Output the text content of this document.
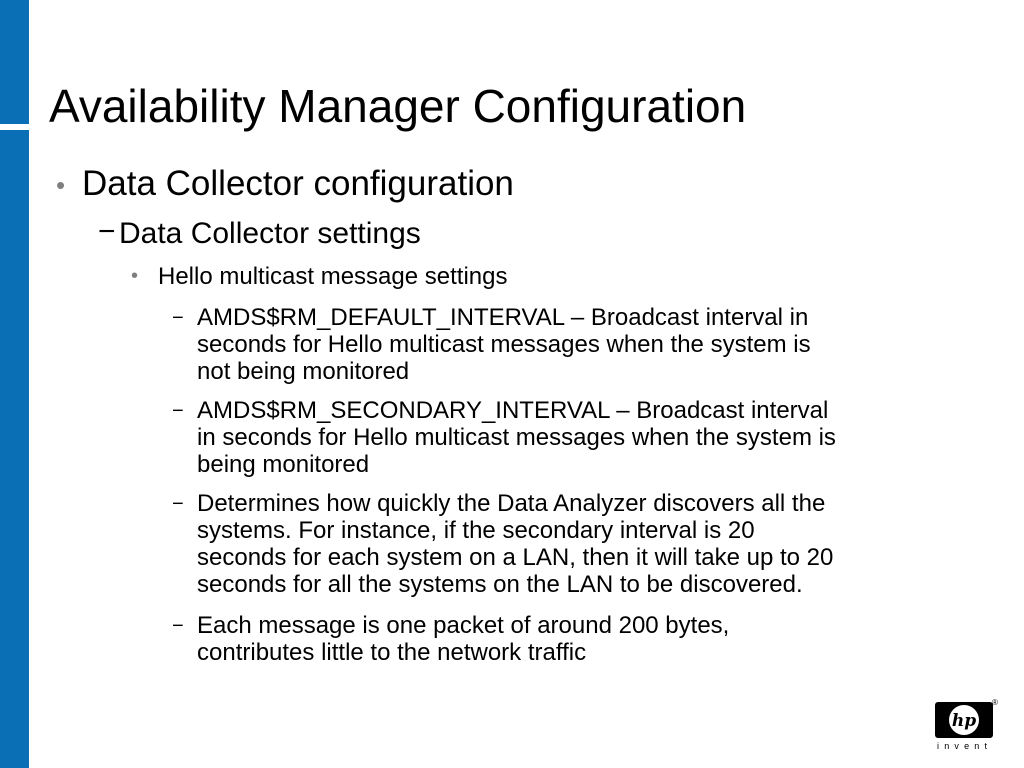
Availability Manager Configuration
• Data Collector configuration
− Data Collector settings
• Hello multicast message settings
− AMDS$RM_DEFAULT_INTERVAL – Broadcast interval in
seconds for Hello multicast messages when the system is
not being monitored
− AMDS$RM_SECONDARY_INTERVAL – Broadcast interval
in seconds for Hello multicast messages when the system is
being monitored
− Determines how quickly the Data Analyzer discovers all the
systems. For instance, if the secondary interval is 20
seconds for each system on a LAN, then it will take up to 20
seconds for all the systems on the LAN to be discovered.
− Each message is one packet of around 200 bytes,
contributes little to the network traffic
hp
®
invent
